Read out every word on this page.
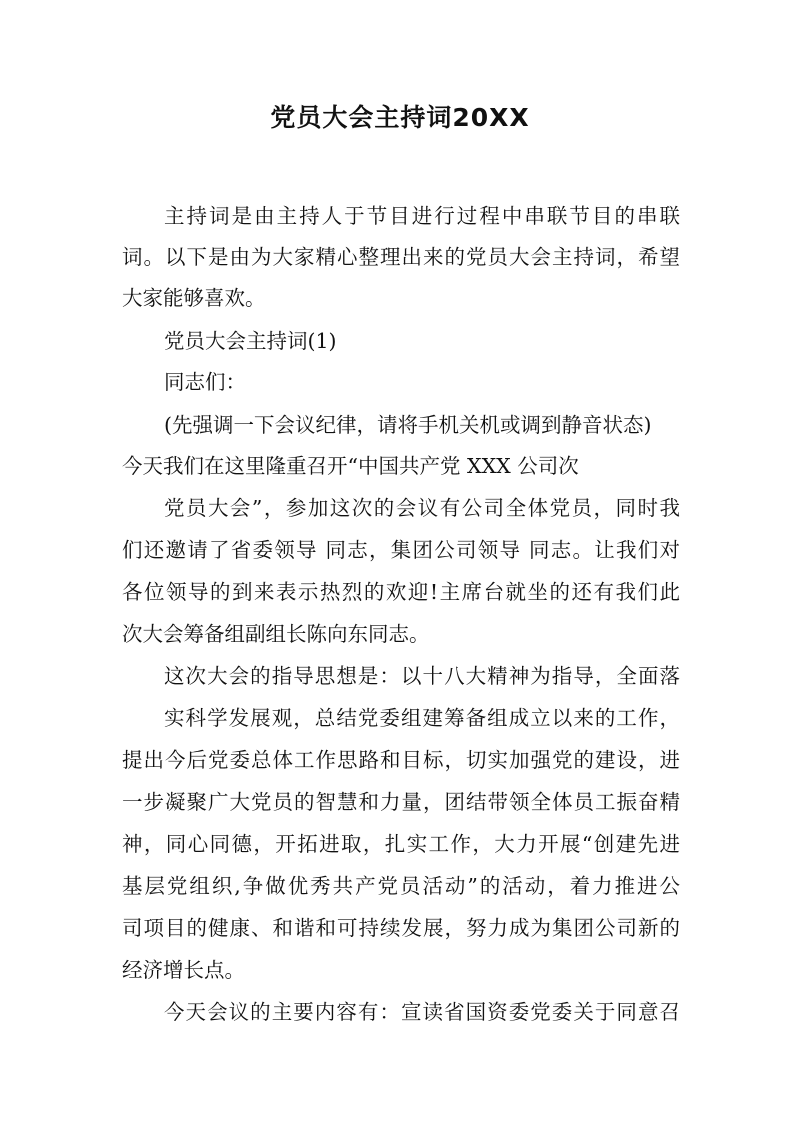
党员大会主持词20XX
主持词是由主持人于节目进行过程中串联节目的串联
词。以下是由为大家精心整理出来的党员大会主持词，希望
大家能够喜欢。
党员大会主持词(1)
同志们：
(先强调一下会议纪律，请将手机关机或调到静音状态)
今天我们在这里隆重召开“中国共产党 XXX 公司次
党员大会”，参加这次的会议有公司全体党员，同时我
们还邀请了省委领导 同志，集团公司领导 同志。让我们对
各位领导的到来表示热烈的欢迎!主席台就坐的还有我们此
次大会筹备组副组长陈向东同志。
这次大会的指导思想是：以十八大精神为指导，全面落
实科学发展观，总结党委组建筹备组成立以来的工作，
提出今后党委总体工作思路和目标，切实加强党的建设，进
一步凝聚广大党员的智慧和力量，团结带领全体员工振奋精
神，同心同德，开拓进取，扎实工作，大力开展“创建先进
基层党组织,争做优秀共产党员活动”的活动，着力推进公
司项目的健康、和谐和可持续发展，努力成为集团公司新的
经济增长点。
今天会议的主要内容有：宣读省国资委党委关于同意召
